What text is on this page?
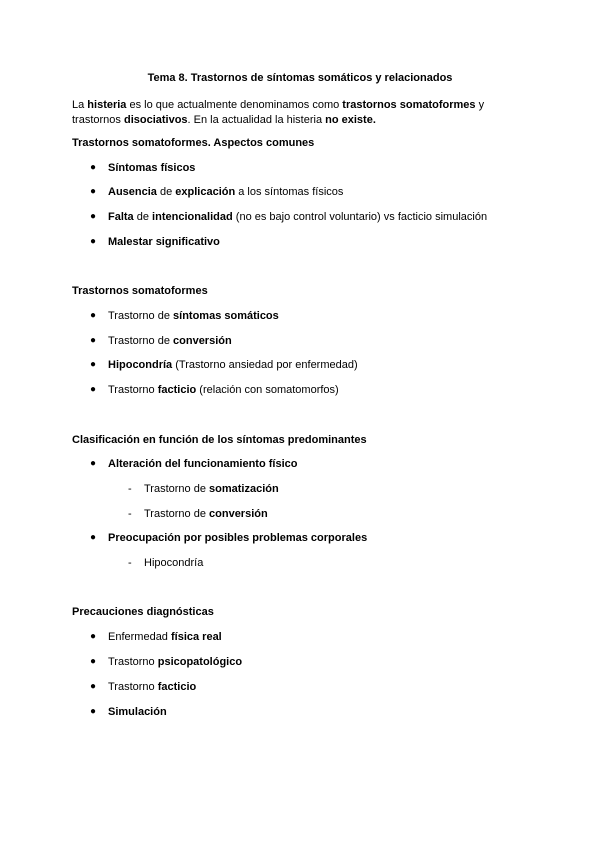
Tema 8. Trastornos de síntomas somáticos y relacionados
La histeria es lo que actualmente denominamos como trastornos somatoformes y trastornos disociativos. En la actualidad la histeria no existe.
Trastornos somatoformes. Aspectos comunes
● Síntomas físicos
● Ausencia de explicación a los síntomas físicos
● Falta de intencionalidad (no es bajo control voluntario) vs facticio simulación
● Malestar significativo
Trastornos somatoformes
● Trastorno de síntomas somáticos
● Trastorno de conversión
● Hipocondría (Trastorno ansiedad por enfermedad)
● Trastorno facticio (relación con somatomorfos)
Clasificación en función de los síntomas predominantes
● Alteración del funcionamiento físico
- Trastorno de somatización
- Trastorno de conversión
● Preocupación por posibles problemas corporales
- Hipocondría
Precauciones diagnósticas
● Enfermedad física real
● Trastorno psicopatológico
● Trastorno facticio
● Simulación
